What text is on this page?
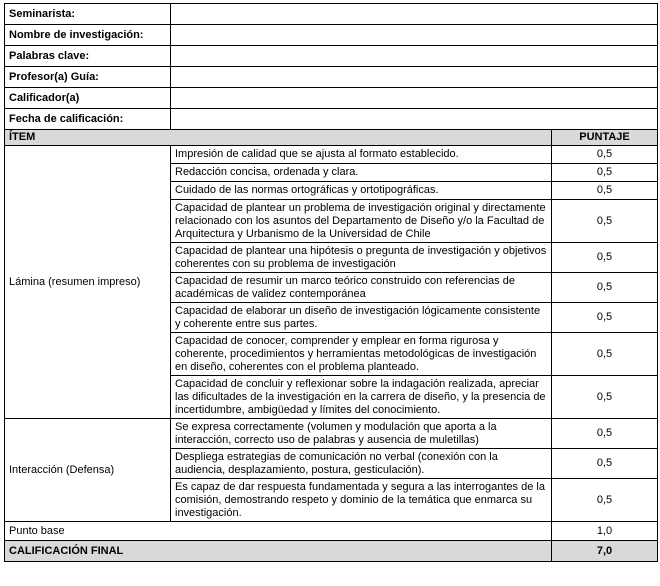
Seminarista:		
Nombre de investigación:		
Palabras clave:		
Profesor(a) Guía:		
Calificador(a)		
Fecha de calificación:		
ÍTEM		PUNTAJE
Lámina (resumen impreso)	Impresión de calidad que se ajusta al formato establecido.	0,5
	Redacción concisa, ordenada y clara.	0,5
	Cuidado de las normas ortográficas y ortotipográficas.	0,5
	Capacidad de plantear un problema de investigación original y directamente relacionado con los asuntos del Departamento de Diseño y/o la Facultad de Arquitectura y Urbanismo de la Universidad de Chile	0,5
	Capacidad de plantear una hipótesis o pregunta de investigación y objetivos coherentes con su problema de investigación	0,5
	Capacidad de resumir un marco teórico construido con referencias de académicas de validez contemporánea	0,5
	Capacidad de elaborar un diseño de investigación lógicamente consistente y coherente entre sus partes.	0,5
	Capacidad de conocer, comprender y emplear en forma rigurosa y coherente, procedimientos y herramientas metodológicas de investigación en diseño, coherentes con el problema planteado.	0,5
	Capacidad de concluir y reflexionar sobre la indagación realizada, apreciar las dificultades de la investigación en la carrera de diseño, y la presencia de incertidumbre, ambigüedad y límites del conocimiento.	0,5
Interacción (Defensa)	Se expresa correctamente (volumen y modulación que aporta a la interacción, correcto uso de palabras y ausencia de muletillas)	0,5
	Despliega estrategias de comunicación no verbal (conexión con la audiencia, desplazamiento, postura, gesticulación).	0,5
	Es capaz de dar respuesta fundamentada y segura a las interrogantes de la comisión, demostrando respeto y dominio de la temática que enmarca su investigación.	0,5
Punto base		1,0
CALIFICACIÓN FINAL		7,0
